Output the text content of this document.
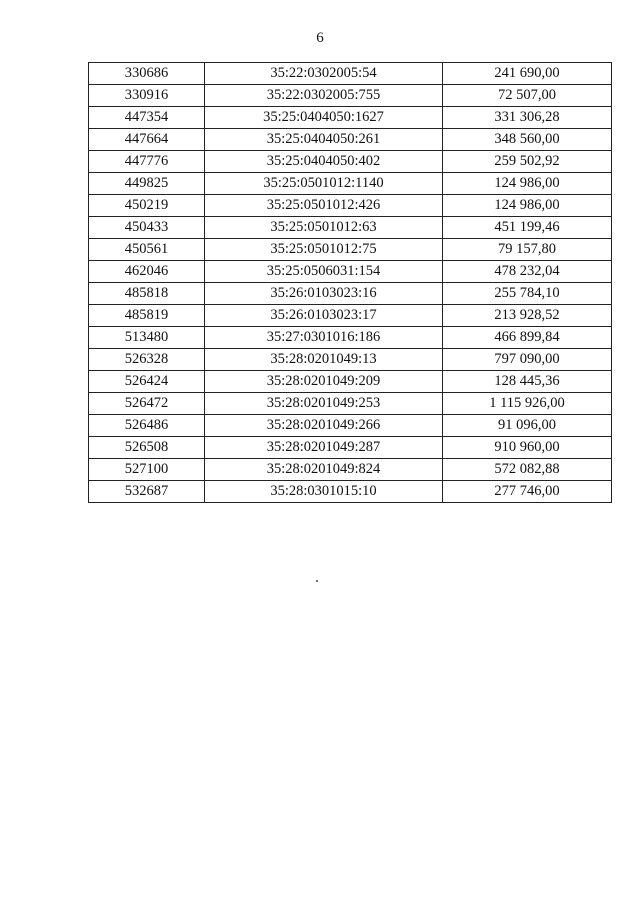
6
330686	35:22:0302005:54	241 690,00
330916	35:22:0302005:755	72 507,00
447354	35:25:0404050:1627	331 306,28
447664	35:25:0404050:261	348 560,00
447776	35:25:0404050:402	259 502,92
449825	35:25:0501012:1140	124 986,00
450219	35:25:0501012:426	124 986,00
450433	35:25:0501012:63	451 199,46
450561	35:25:0501012:75	79 157,80
462046	35:25:0506031:154	478 232,04
485818	35:26:0103023:16	255 784,10
485819	35:26:0103023:17	213 928,52
513480	35:27:0301016:186	466 899,84
526328	35:28:0201049:13	797 090,00
526424	35:28:0201049:209	128 445,36
526472	35:28:0201049:253	1 115 926,00
526486	35:28:0201049:266	91 096,00
526508	35:28:0201049:287	910 960,00
527100	35:28:0201049:824	572 082,88
532687	35:28:0301015:10	277 746,00
